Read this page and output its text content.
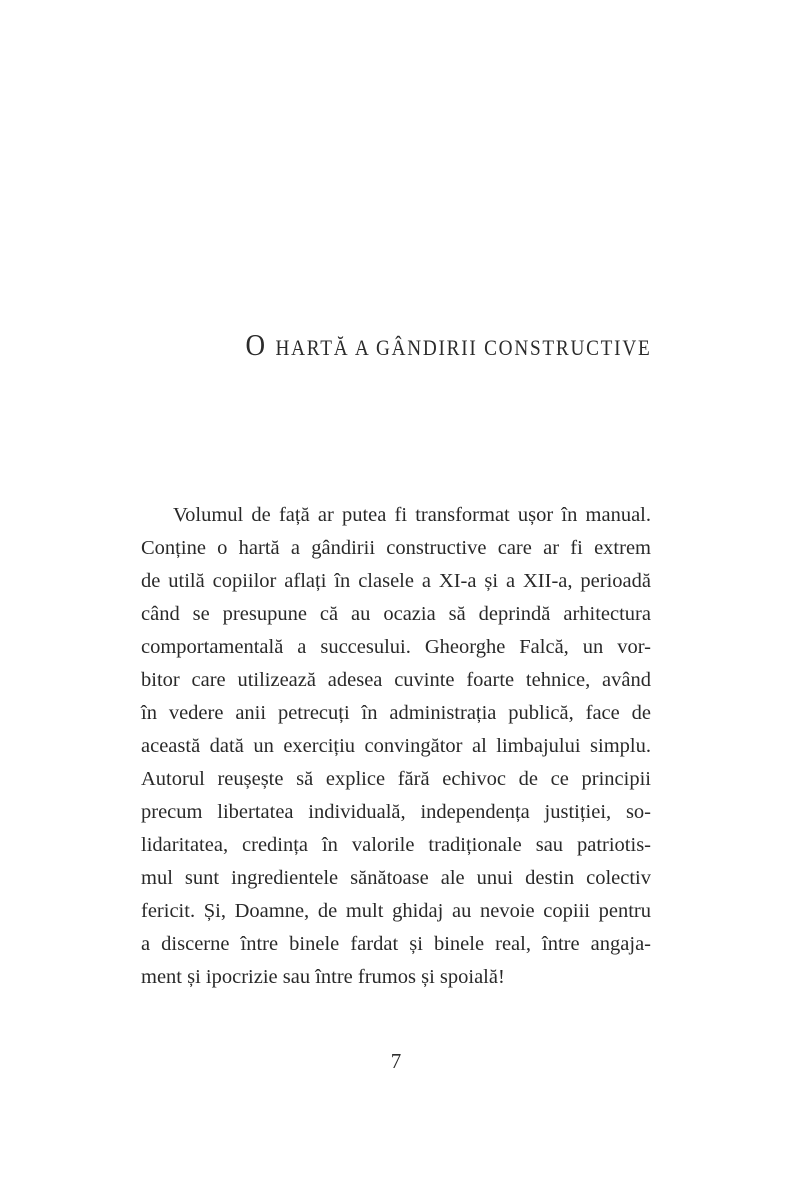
O HARTĂ A GÂNDIRII CONSTRUCTIVE
Volumul de față ar putea fi transformat ușor în manual.
Conține o hartă a gândirii constructive care ar fi extrem
de utilă copiilor aflați în clasele a XI-a și a XII-a, perioadă
când se presupune că au ocazia să deprindă arhitectura
comportamentală a succesului. Gheorghe Falcă, un vor-
bitor care utilizează adesea cuvinte foarte tehnice, având
în vedere anii petrecuți în administrația publică, face de
această dată un exercițiu convingător al limbajului simplu.
Autorul reușește să explice fără echivoc de ce principii
precum libertatea individuală, independența justiției, so-
lidaritatea, credința în valorile tradiționale sau patriotis-
mul sunt ingredientele sănătoase ale unui destin colectiv
fericit. Și, Doamne, de mult ghidaj au nevoie copiii pentru
a discerne între binele fardat și binele real, între angaja-
ment și ipocrizie sau între frumos și spoială!
7
